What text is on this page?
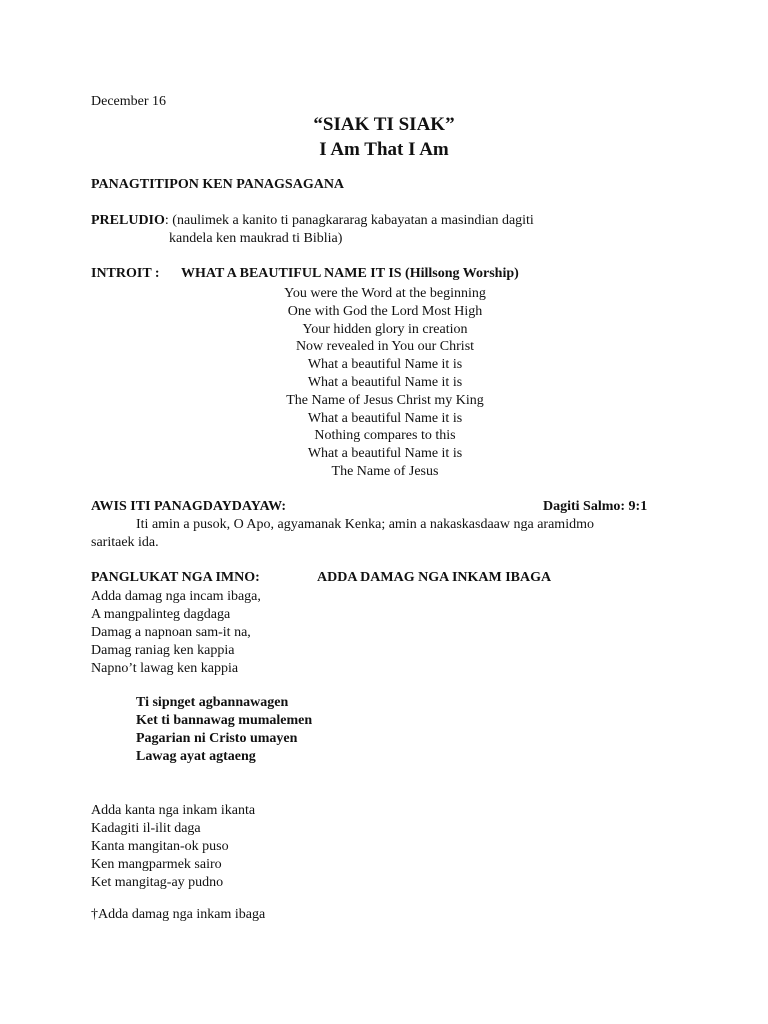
December 16
“SIAK TI SIAK”
I Am That I Am
PANAGTITIPON KEN PANAGSAGANA
PRELUDIO: (naulimek a kanito ti panagkararag kabayatan a masindian dagiti
kandela ken maukrad ti Biblia)
INTROIT : WHAT A BEAUTIFUL NAME IT IS (Hillsong Worship)
You were the Word at the beginning
One with God the Lord Most High
Your hidden glory in creation
Now revealed in You our Christ
What a beautiful Name it is
What a beautiful Name it is
The Name of Jesus Christ my King
What a beautiful Name it is
Nothing compares to this
What a beautiful Name it is
The Name of Jesus
AWIS ITI PANAGDAYDAYAW:	Dagiti Salmo: 9:1
Iti amin a pusok, O Apo, agyamanak Kenka; amin a nakaskasdaaw nga aramidmo
saritaek ida.
PANGLUKAT NGA IMNO:	ADDA DAMAG NGA INKAM IBAGA
Adda damag nga incam ibaga,
A mangpalinteg dagdaga
Damag a napnoan sam-it na,
Damag raniag ken kappia
Napno’t lawag ken kappia
Ti sipnget agbannawagen
Ket ti bannawag mumalemen
Pagarian ni Cristo umayen
Lawag ayat agtaeng
Adda kanta nga inkam ikanta
Kadagiti il-ilit daga
Kanta mangitan-ok puso
Ken mangparmek sairo
Ket mangitag-ay pudno
†Adda damag nga inkam ibaga
